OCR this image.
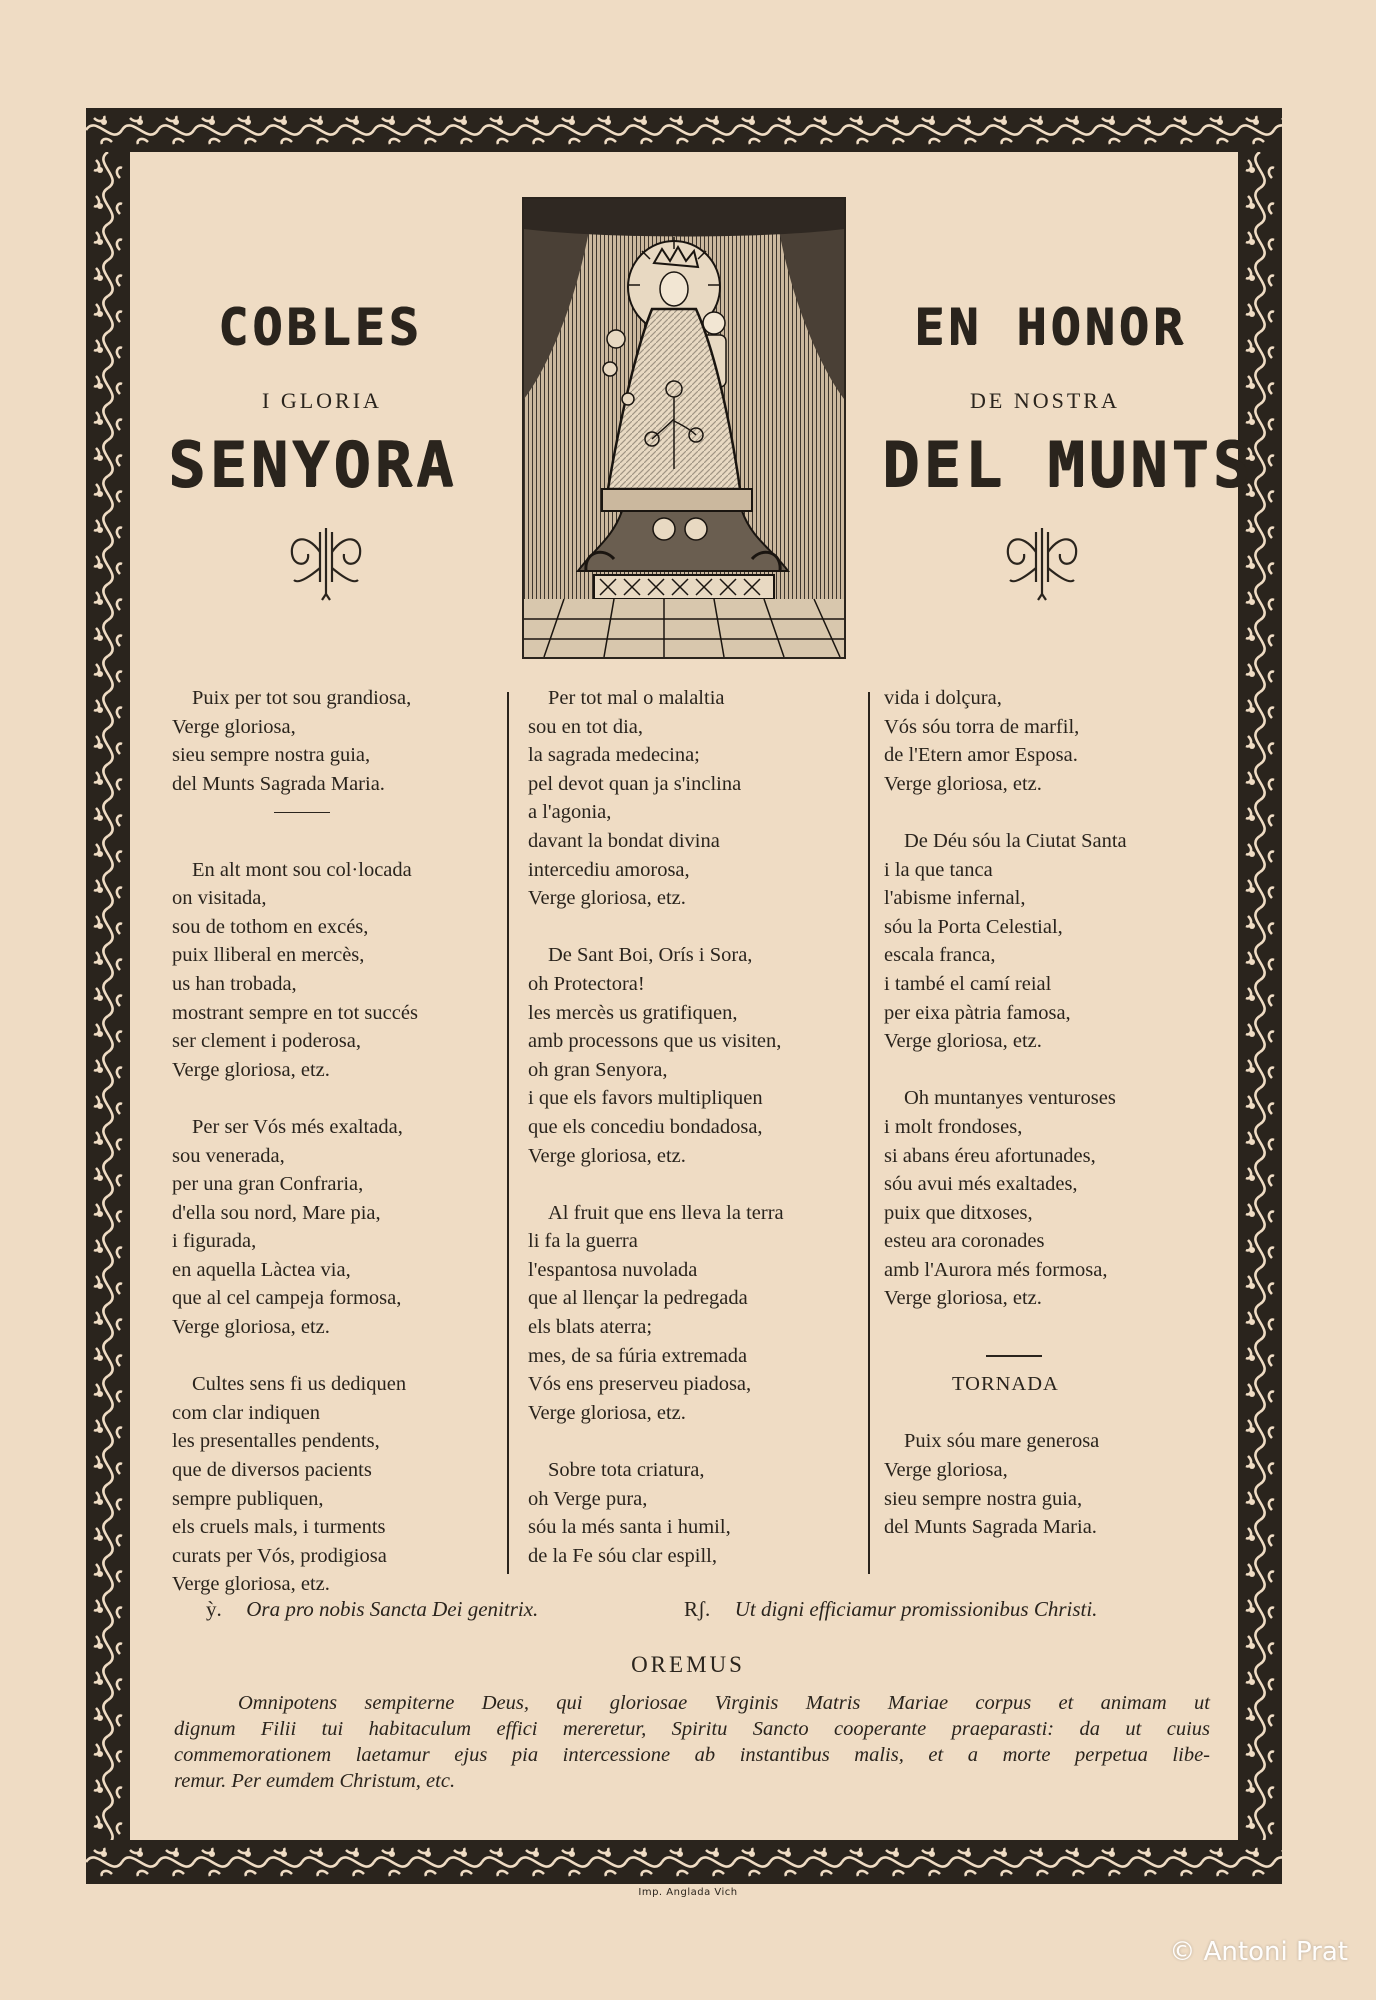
COBLES
I GLORIA
SENYORA
EN HONOR
DE NOSTRA
DEL MUNTS
Puix per tot sou grandiosa,
Verge gloriosa,
sieu sempre nostra guia,
del Munts Sagrada Maria.
En alt mont sou col·locada
on visitada,
sou de tothom en excés,
puix lliberal en mercès,
us han trobada,
mostrant sempre en tot succés
ser clement i poderosa,
Verge gloriosa, etz.
Per ser Vós més exaltada,
sou venerada,
per una gran Confraria,
d'ella sou nord, Mare pia,
i figurada,
en aquella Làctea via,
que al cel campeja formosa,
Verge gloriosa, etz.
Cultes sens fi us dediquen
com clar indiquen
les presentalles pendents,
que de diversos pacients
sempre publiquen,
els cruels mals, i turments
curats per Vós, prodigiosa
Verge gloriosa, etz.
Per tot mal o malaltia
sou en tot dia,
la sagrada medecina;
pel devot quan ja s'inclina
a l'agonia,
davant la bondat divina
intercediu amorosa,
Verge gloriosa, etz.
De Sant Boi, Orís i Sora,
oh Protectora!
les mercès us gratifiquen,
amb processons que us visiten,
oh gran Senyora,
i que els favors multipliquen
que els concediu bondadosa,
Verge gloriosa, etz.
Al fruit que ens lleva la terra
li fa la guerra
l'espantosa nuvolada
que al llençar la pedregada
els blats aterra;
mes, de sa fúria extremada
Vós ens preserveu piadosa,
Verge gloriosa, etz.
Sobre tota criatura,
oh Verge pura,
sóu la més santa i humil,
de la Fe sóu clar espill,
vida i dolçura,
Vós sóu torra de marfil,
de l'Etern amor Esposa.
Verge gloriosa, etz.
De Déu sóu la Ciutat Santa
i la que tanca
l'abisme infernal,
sóu la Porta Celestial,
escala franca,
i també el camí reial
per eixa pàtria famosa,
Verge gloriosa, etz.
Oh muntanyes venturoses
i molt frondoses,
si abans éreu afortunades,
sóu avui més exaltades,
puix que ditxoses,
esteu ara coronades
amb l'Aurora més formosa,
Verge gloriosa, etz.
TORNADA
Puix sóu mare generosa
Verge gloriosa,
sieu sempre nostra guia,
del Munts Sagrada Maria.
ỳ. Ora pro nobis Sancta Dei genitrix.	Rʃ. Ut digni efficiamur promissionibus Christi.
OREMUS
Omnipotens sempiterne Deus, qui gloriosae Virginis Matris Mariae corpus et animam ut
dignum Filii tui habitaculum effici mereretur, Spiritu Sancto cooperante praeparasti: da ut cuius
commemorationem laetamur ejus pia intercessione ab instantibus malis, et a morte perpetua libe-
remur. Per eumdem Christum, etc.
Imp. Anglada Vich
© Antoni Prat
